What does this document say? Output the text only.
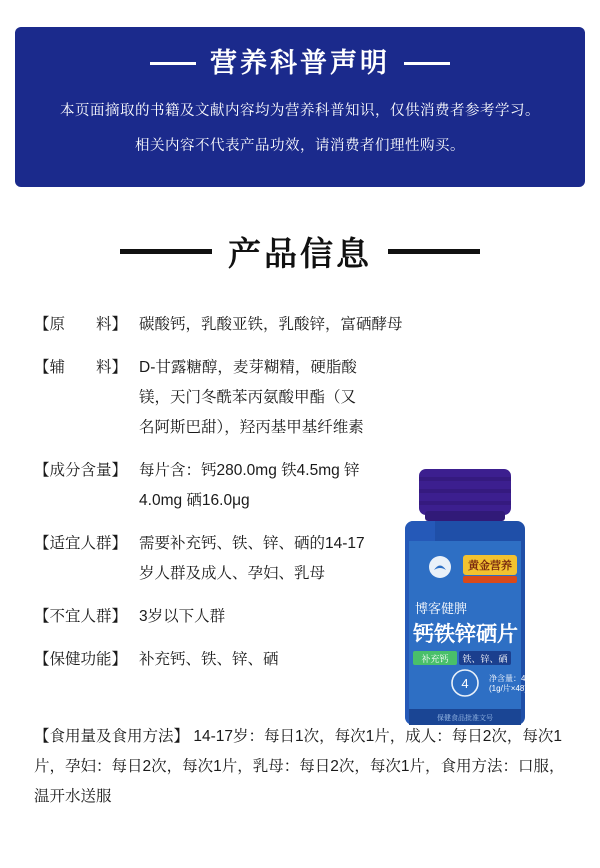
营养科普声明
本页面摘取的书籍及文献内容均为营养科普知识，仅供消费者参考学习。
相关内容不代表产品功效，请消费者们理性购买。
产品信息
黄金营养
博客健脾
钙铁锌硒片
补充钙 铁、锌、硒
4	净含量：48g
(1g/片×48)
保健食品批准文号
【原　　料】 碳酸钙，乳酸亚铁，乳酸锌，富硒酵母
【辅　　料】 D-甘露糖醇，麦芽糊精，硬脂酸镁，天门冬酰苯丙氨酸甲酯（又名阿斯巴甜），羟丙基甲基纤维素
【成分含量】 每片含：钙280.0mg 铁4.5mg 锌4.0mg 硒16.0μg
【适宜人群】 需要补充钙、铁、锌、硒的14-17岁人群及成人、孕妇、乳母
【不宜人群】 3岁以下人群
【保健功能】 补充钙、铁、锌、硒
【食用量及食用方法】 14-17岁：每日1次，每次1片，成人：每日2次，每次1片，孕妇：每日2次，每次1片，乳母：每日2次，每次1片，食用方法：口服，温开水送服
